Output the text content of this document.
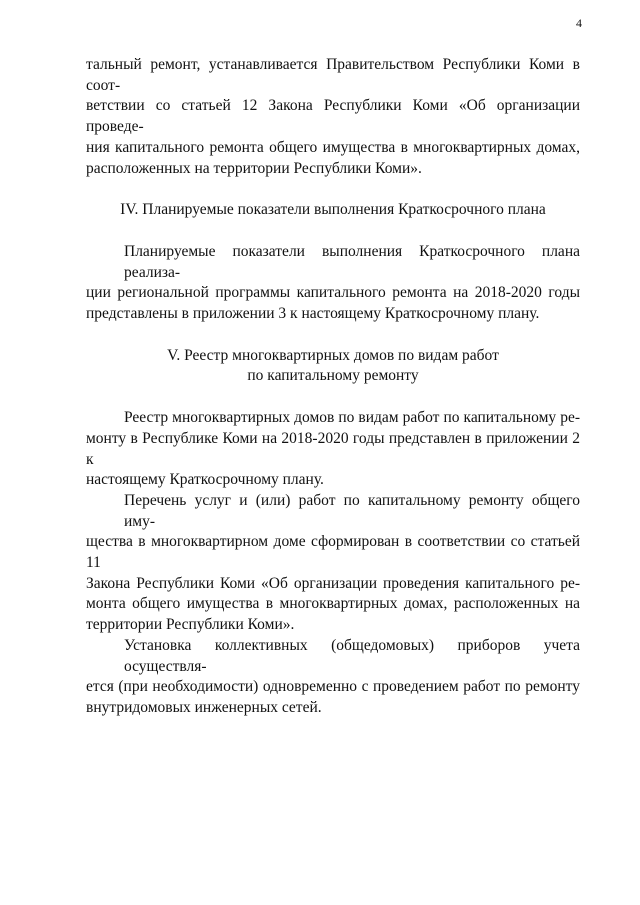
4
тальный ремонт, устанавливается Правительством Республики Коми в соот-
ветствии со статьей 12 Закона Республики Коми «Об организации проведе-
ния капитального ремонта общего имущества в многоквартирных домах,
расположенных на территории Республики Коми».
IV. Планируемые показатели выполнения Краткосрочного плана
Планируемые показатели выполнения Краткосрочного плана реализа-
ции региональной программы капитального ремонта на 2018-2020 годы
представлены в приложении 3 к настоящему Краткосрочному плану.
V. Реестр многоквартирных домов по видам работ
по капитальному ремонту
Реестр многоквартирных домов по видам работ по капитальному ре-
монту в Республике Коми на 2018-2020 годы представлен в приложении 2 к
настоящему Краткосрочному плану.
Перечень услуг и (или) работ по капитальному ремонту общего иму-
щества в многоквартирном доме сформирован в соответствии со статьей 11
Закона Республики Коми «Об организации проведения капитального ре-
монта общего имущества в многоквартирных домах, расположенных на
территории Республики Коми».
Установка коллективных (общедомовых) приборов учета осуществля-
ется (при необходимости) одновременно с проведением работ по ремонту
внутридомовых инженерных сетей.
